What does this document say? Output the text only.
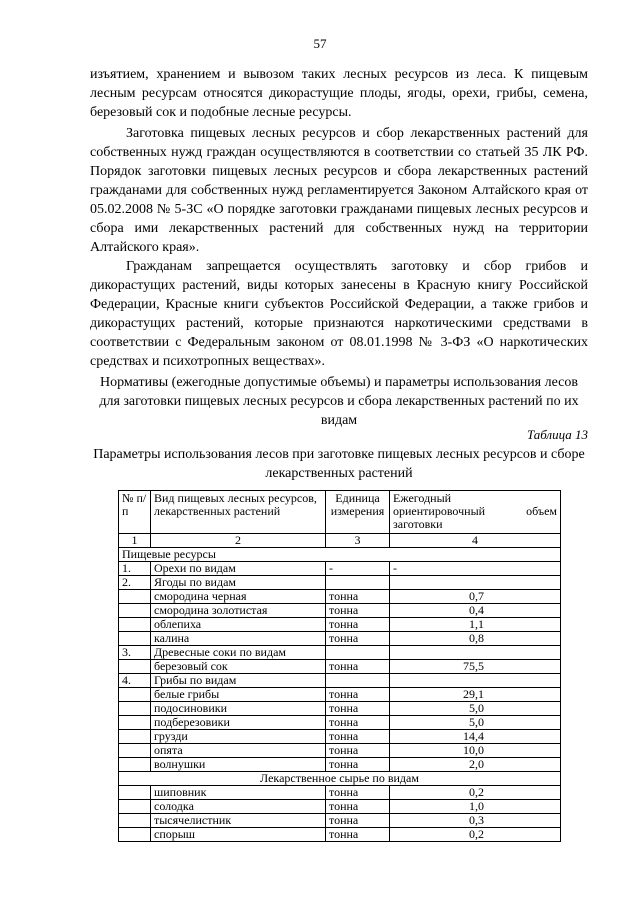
57
изъятием, хранением и вывозом таких лесных ресурсов из леса. К пищевым лесным ресурсам относятся дикорастущие плоды, ягоды, орехи, грибы, семена, березовый сок и подобные лесные ресурсы.
Заготовка пищевых лесных ресурсов и сбор лекарственных растений для собственных нужд граждан осуществляются в соответствии со статьей 35 ЛК РФ. Порядок заготовки пищевых лесных ресурсов и сбора лекарственных растений гражданами для собственных нужд регламентируется Законом Алтайского края от 05.02.2008 № 5-ЗС «О порядке заготовки гражданами пищевых лесных ресурсов и сбора ими лекарственных растений для собственных нужд на территории Алтайского края».
Гражданам запрещается осуществлять заготовку и сбор грибов и дикорастущих растений, виды которых занесены в Красную книгу Российской Федерации, Красные книги субъектов Российской Федерации, а также грибов и дикорастущих растений, которые признаются наркотическими средствами в соответствии с Федеральным законом от 08.01.1998 № 3-ФЗ «О наркотических средствах и психотропных веществах».
Нормативы (ежегодные допустимые объемы) и параметры использования лесов для заготовки пищевых лесных ресурсов и сбора лекарственных растений по их видам
Таблица 13
Параметры использования лесов при заготовке пищевых лесных ресурсов и сборе лекарственных растений
№ п/п	Вид пищевых лесных ресурсов, лекарственных растений	Единица измерения	Ежегодный
ориентировочный объем
заготовки

1	2	3	4
Пищевые ресурсы			
1.	Орехи по видам	-	-
2.	Ягоды по видам		
	смородина черная	тонна	0,7
	смородина золотистая	тонна	0,4
	облепиха	тонна	1,1
	калина	тонна	0,8
3.	Древесные соки по видам		
	березовый сок	тонна	75,5
4.	Грибы по видам		
	белые грибы	тонна	29,1
	подосиновики	тонна	5,0
	подберезовики	тонна	5,0
	грузди	тонна	14,4
	опята	тонна	10,0
	волнушки	тонна	2,0
Лекарственное сырье по видам			
	шиповник	тонна	0,2
	солодка	тонна	1,0
	тысячелистник	тонна	0,3
	спорыш	тонна	0,2
